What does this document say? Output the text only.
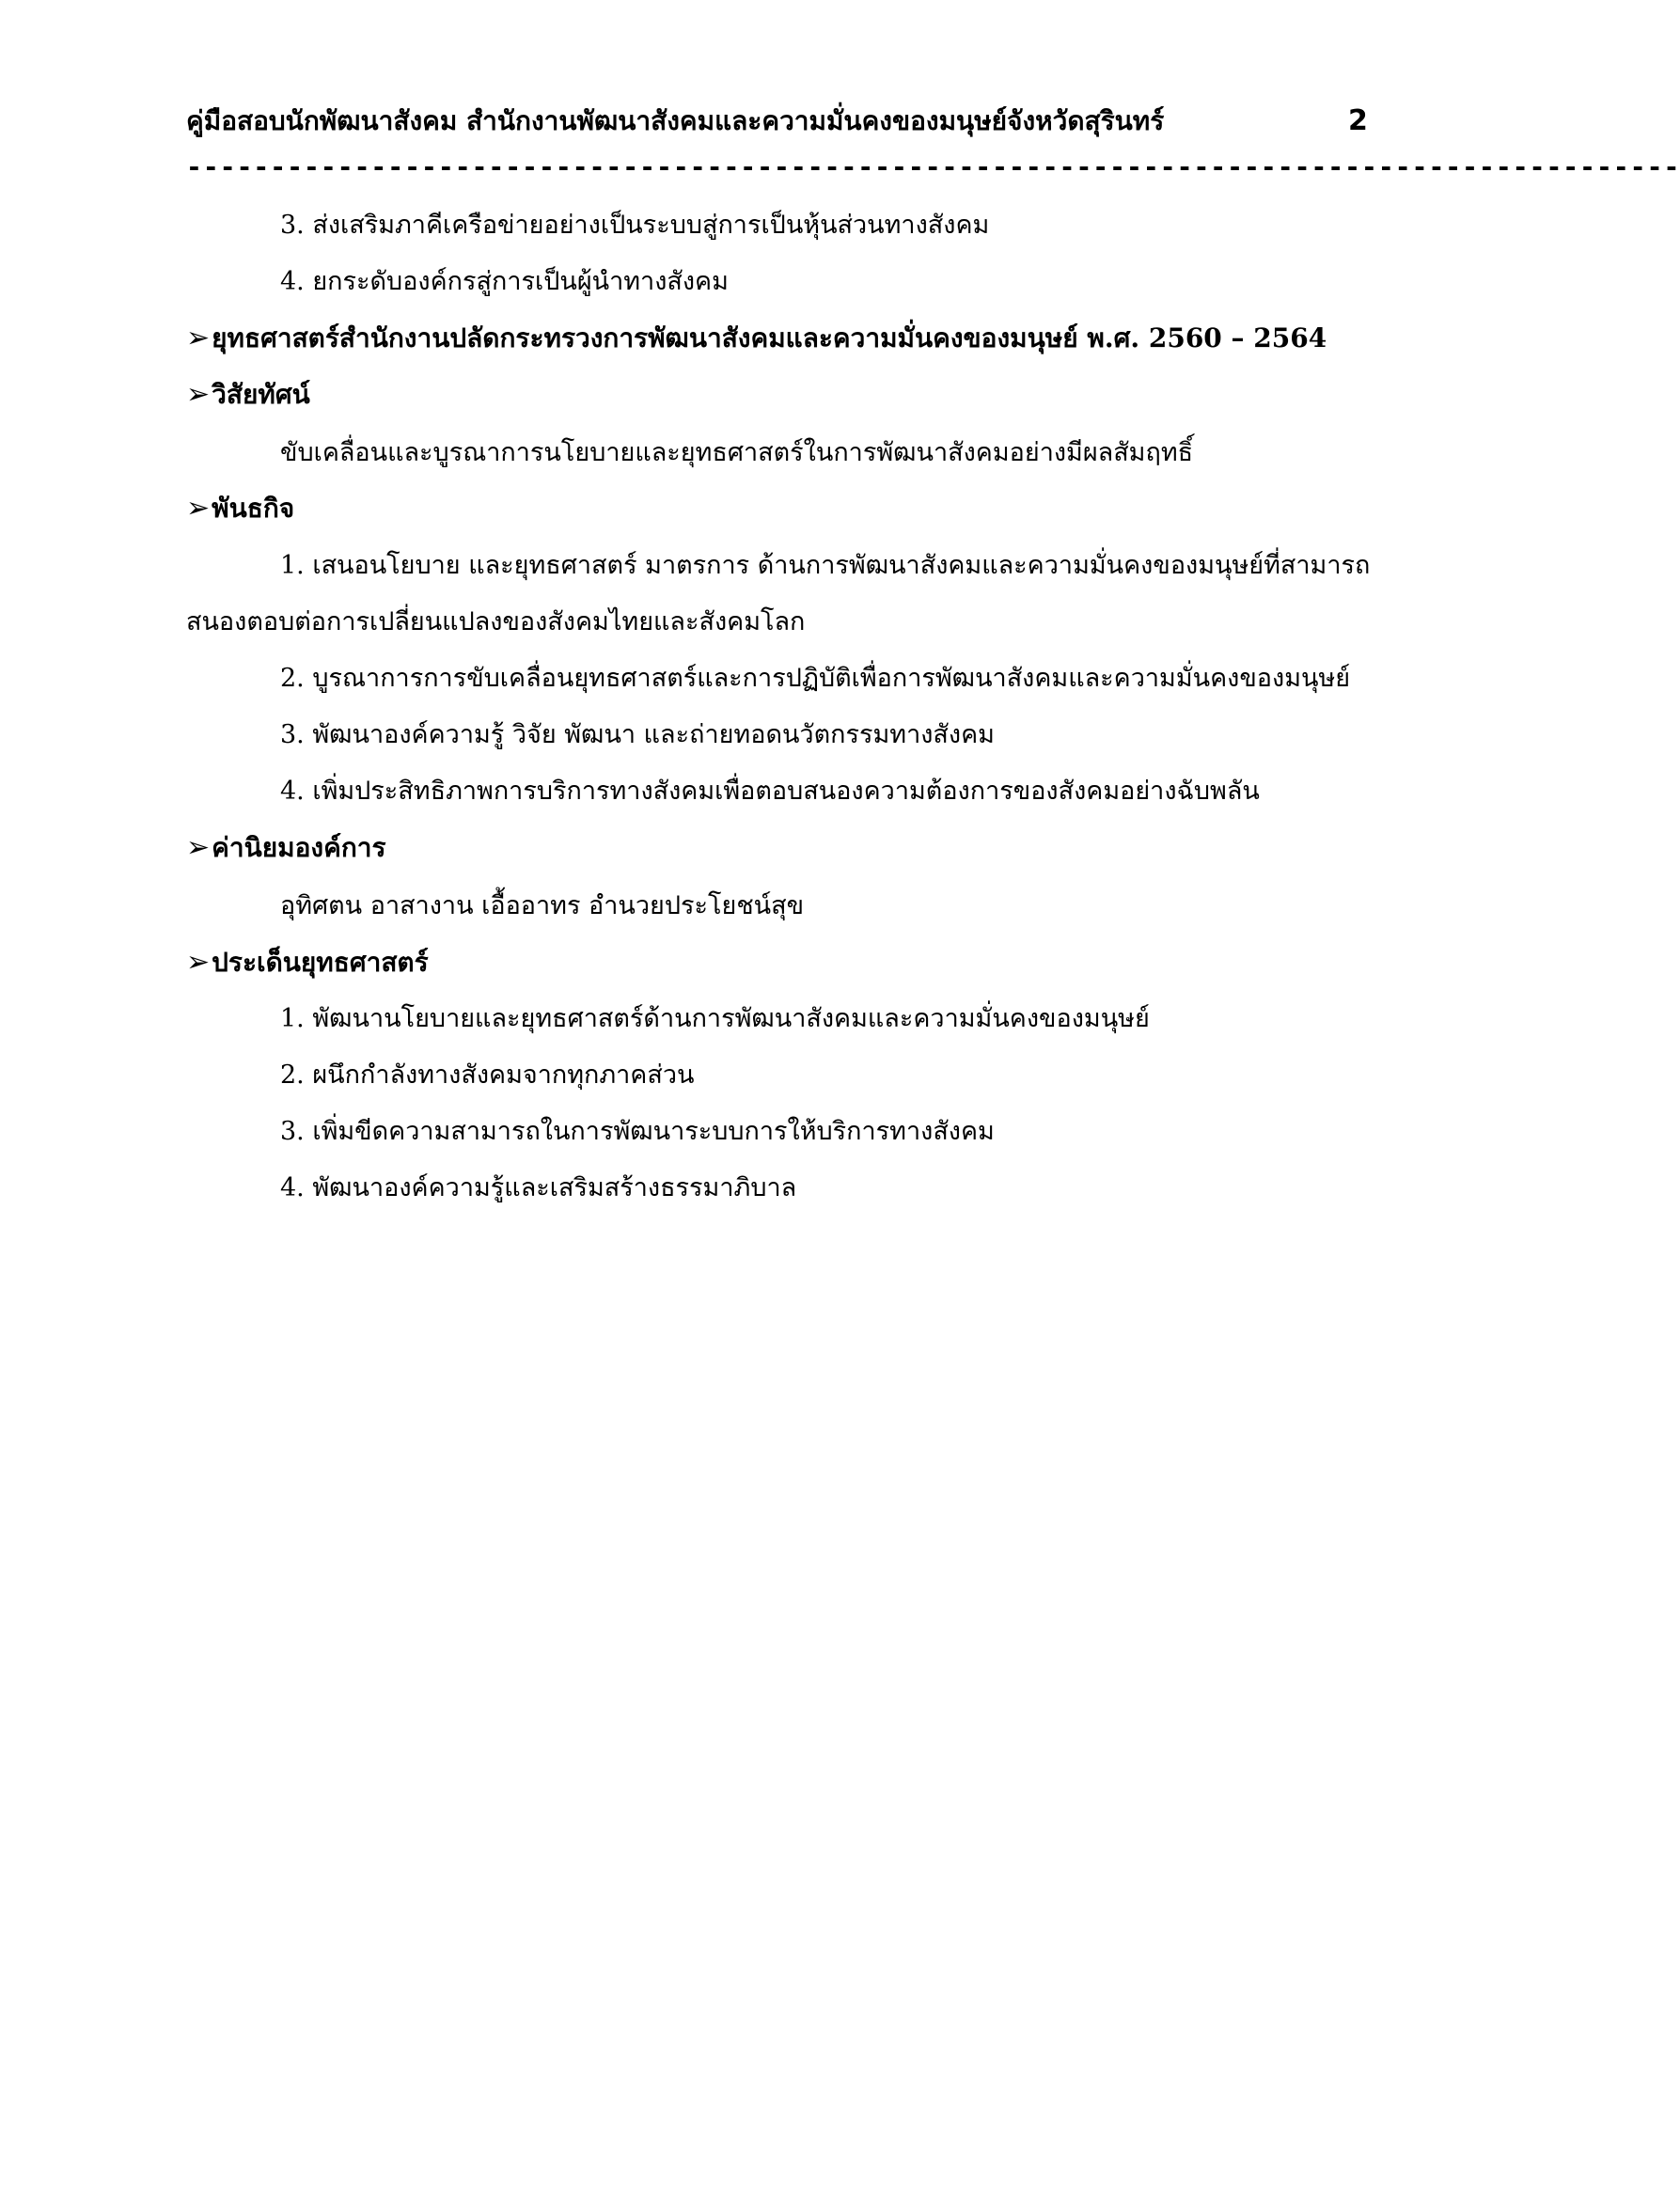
คู่มือสอบนักพัฒนาสังคม สำนักงานพัฒนาสังคมและความมั่นคงของมนุษย์จังหวัดสุรินทร์	2
-----------------------------------------------------------------------------------------
3. ส่งเสริมภาคีเครือข่ายอย่างเป็นระบบสู่การเป็นหุ้นส่วนทางสังคม
4. ยกระดับองค์กรสู่การเป็นผู้นำทางสังคม
➢ยุทธศาสตร์สำนักงานปลัดกระทรวงการพัฒนาสังคมและความมั่นคงของมนุษย์ พ.ศ. 2560 – 2564
➢วิสัยทัศน์
ขับเคลื่อนและบูรณาการนโยบายและยุทธศาสตร์ในการพัฒนาสังคมอย่างมีผลสัมฤทธิ์
➢พันธกิจ
1. เสนอนโยบาย และยุทธศาสตร์ มาตรการ ด้านการพัฒนาสังคมและความมั่นคงของมนุษย์ที่สามารถ
สนองตอบต่อการเปลี่ยนแปลงของสังคมไทยและสังคมโลก
2. บูรณาการการขับเคลื่อนยุทธศาสตร์และการปฏิบัติเพื่อการพัฒนาสังคมและความมั่นคงของมนุษย์
3. พัฒนาองค์ความรู้ วิจัย พัฒนา และถ่ายทอดนวัตกรรมทางสังคม
4. เพิ่มประสิทธิภาพการบริการทางสังคมเพื่อตอบสนองความต้องการของสังคมอย่างฉับพลัน
➢ค่านิยมองค์การ
อุทิศตน อาสางาน เอื้ออาทร อำนวยประโยชน์สุข
➢ประเด็นยุทธศาสตร์
1. พัฒนานโยบายและยุทธศาสตร์ด้านการพัฒนาสังคมและความมั่นคงของมนุษย์
2. ผนึกกำลังทางสังคมจากทุกภาคส่วน
3. เพิ่มขีดความสามารถในการพัฒนาระบบการให้บริการทางสังคม
4. พัฒนาองค์ความรู้และเสริมสร้างธรรมาภิบาล
